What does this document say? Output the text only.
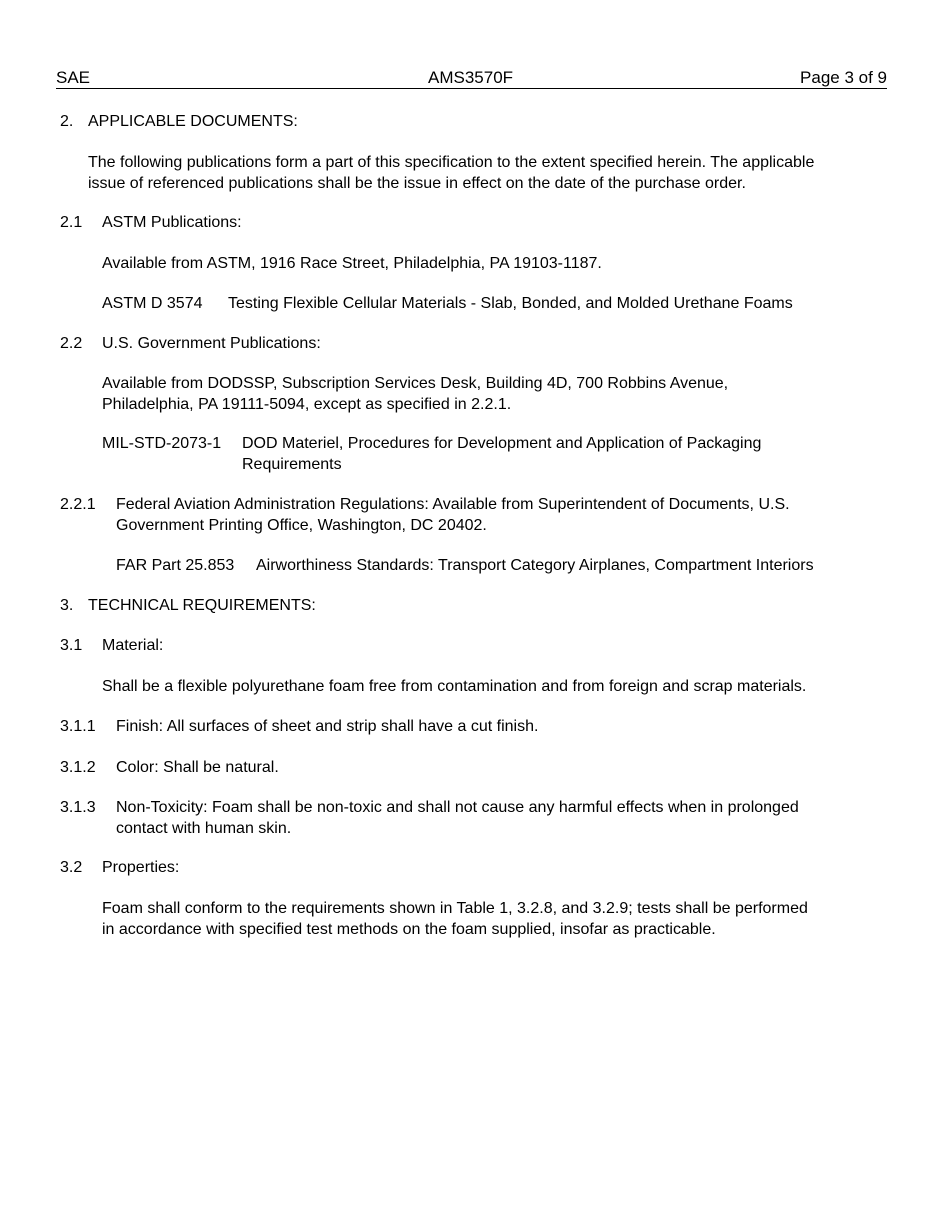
SAE	AMS3570F	Page 3 of 9
2. APPLICABLE DOCUMENTS:
The following publications form a part of this specification to the extent specified herein. The applicable
issue of referenced publications shall be the issue in effect on the date of the purchase order.
2.1 ASTM Publications:
Available from ASTM, 1916 Race Street, Philadelphia, PA 19103-1187.
ASTM D 3574 Testing Flexible Cellular Materials - Slab, Bonded, and Molded Urethane Foams
2.2 U.S. Government Publications:
Available from DODSSP, Subscription Services Desk, Building 4D, 700 Robbins Avenue,
Philadelphia, PA 19111-5094, except as specified in 2.2.1.
MIL-STD-2073-1 DOD Materiel, Procedures for Development and Application of Packaging
Requirements
2.2.1 Federal Aviation Administration Regulations: Available from Superintendent of Documents, U.S.
Government Printing Office, Washington, DC 20402.
FAR Part 25.853 Airworthiness Standards: Transport Category Airplanes, Compartment Interiors
3. TECHNICAL REQUIREMENTS:
3.1 Material:
Shall be a flexible polyurethane foam free from contamination and from foreign and scrap materials.
3.1.1 Finish: All surfaces of sheet and strip shall have a cut finish.
3.1.2 Color: Shall be natural.
3.1.3 Non-Toxicity: Foam shall be non-toxic and shall not cause any harmful effects when in prolonged
contact with human skin.
3.2 Properties:
Foam shall conform to the requirements shown in Table 1, 3.2.8, and 3.2.9; tests shall be performed
in accordance with specified test methods on the foam supplied, insofar as practicable.
